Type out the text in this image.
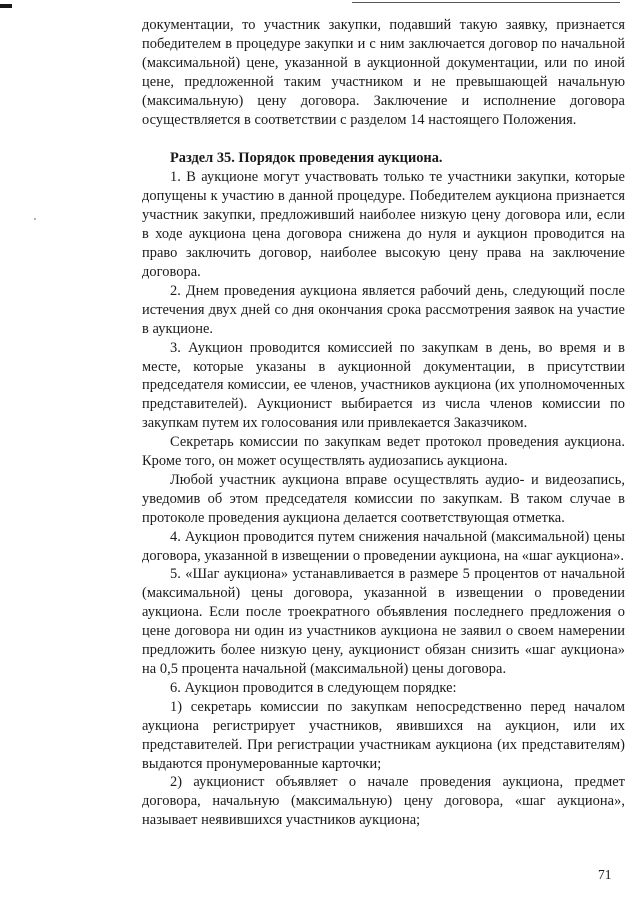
документации, то участник закупки, подавший такую заявку, признается победителем в процедуре закупки и с ним заключается договор по начальной (максимальной) цене, указанной в аукционной документации, или по иной цене, предложенной таким участником и не превышающей начальную (максимальную) цену договора. Заключение и исполнение договора осуществляется в соответствии с разделом 14 настоящего Положения.

Раздел 35. Порядок проведения аукциона.

1. В аукционе могут участвовать только те участники закупки, которые допущены к участию в данной процедуре. Победителем аукциона признается участник закупки, предложивший наиболее низкую цену договора или, если в ходе аукциона цена договора снижена до нуля и аукцион проводится на право заключить договор, наиболее высокую цену права на заключение договора.

2. Днем проведения аукциона является рабочий день, следующий после истечения двух дней со дня окончания срока рассмотрения заявок на участие в аукционе.

3. Аукцион проводится комиссией по закупкам в день, во время и в месте, которые указаны в аукционной документации, в присутствии председателя комиссии, ее членов, участников аукциона (их уполномоченных представителей). Аукционист выбирается из числа членов комиссии по закупкам путем их голосования или привлекается Заказчиком.

Секретарь комиссии по закупкам ведет протокол проведения аукциона. Кроме того, он может осуществлять аудиозапись аукциона.

Любой участник аукциона вправе осуществлять аудио- и видеозапись, уведомив об этом председателя комиссии по закупкам. В таком случае в протоколе проведения аукциона делается соответствующая отметка.

4. Аукцион проводится путем снижения начальной (максимальной) цены договора, указанной в извещении о проведении аукциона, на «шаг аукциона».

5. «Шаг аукциона» устанавливается в размере 5 процентов от начальной (максимальной) цены договора, указанной в извещении о проведении аукциона. Если после троекратного объявления последнего предложения о цене договора ни один из участников аукциона не заявил о своем намерении предложить более низкую цену, аукционист обязан снизить «шаг аукциона» на 0,5 процента начальной (максимальной) цены договора.

6. Аукцион проводится в следующем порядке:

1) секретарь комиссии по закупкам непосредственно перед началом аукциона регистрирует участников, явившихся на аукцион, или их представителей. При регистрации участникам аукциона (их представителям) выдаются пронумерованные карточки;

2) аукционист объявляет о начале проведения аукциона, предмет договора, начальную (максимальную) цену договора, «шаг аукциона», называет неявившихся участников аукциона;

71
